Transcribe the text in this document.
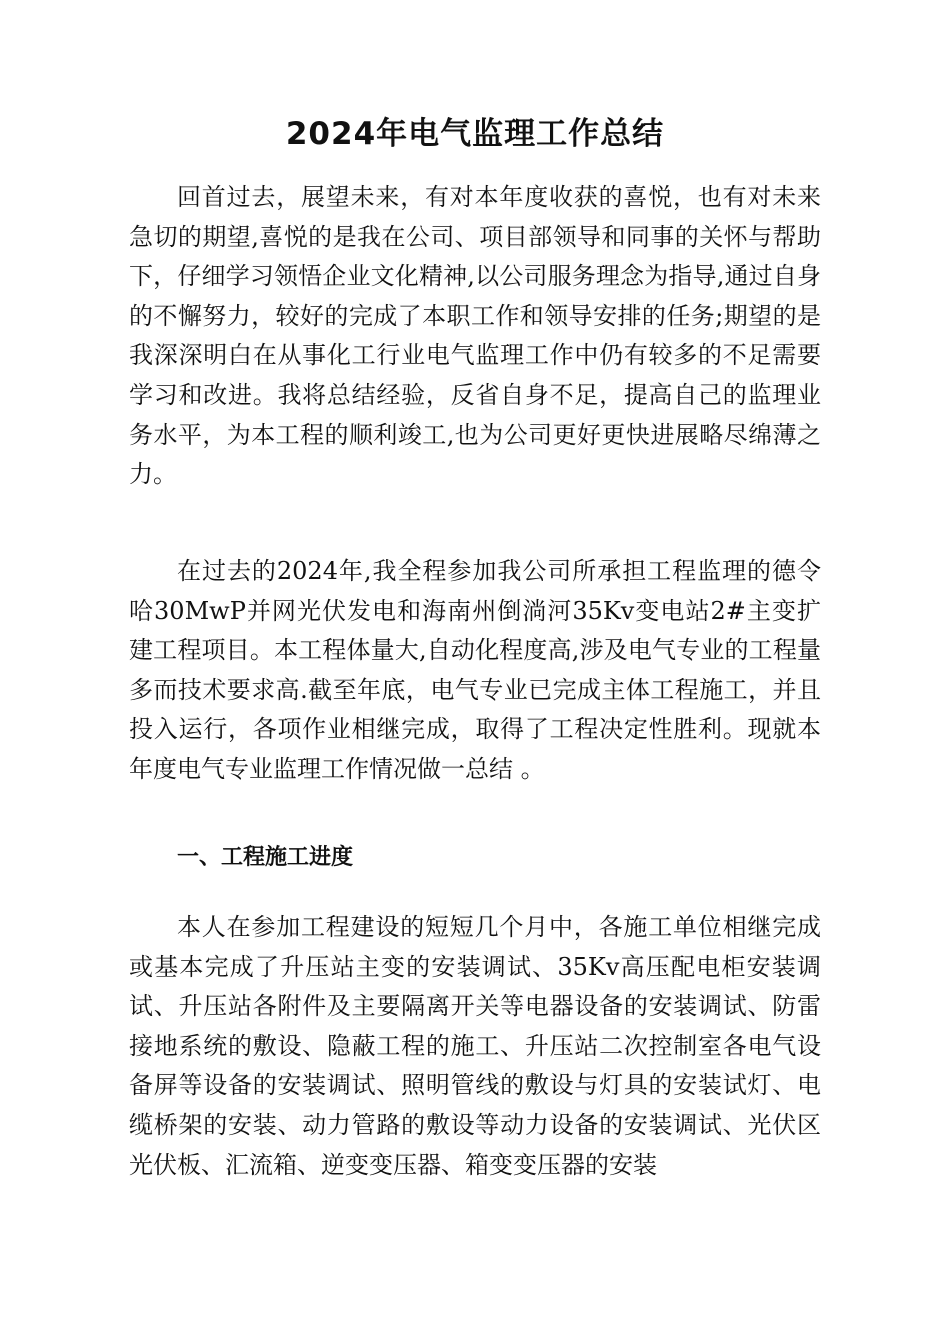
2024年电气监理工作总结

回首过去，展望未来，有对本年度收获的喜悦，也有对未来急切的期望,喜悦的是我在公司、项目部领导和同事的关怀与帮助下，仔细学习领悟企业文化精神,以公司服务理念为指导,通过自身的不懈努力，较好的完成了本职工作和领导安排的任务;期望的是我深深明白在从事化工行业电气监理工作中仍有较多的不足需要学习和改进。我将总结经验，反省自身不足，提高自己的监理业务水平，为本工程的顺利竣工,也为公司更好更快进展略尽绵薄之力。

在过去的2024年,我全程参加我公司所承担工程监理的德令哈30MwP并网光伏发电和海南州倒淌河35Kv变电站2#主变扩建工程项目。本工程体量大,自动化程度高,涉及电气专业的工程量多而技术要求高.截至年底，电气专业已完成主体工程施工，并且投入运行，各项作业相继完成，取得了工程决定性胜利。现就本年度电气专业监理工作情况做一总结 。

一、工程施工进度

本人在参加工程建设的短短几个月中，各施工单位相继完成或基本完成了升压站主变的安装调试、35Kv高压配电柜安装调试、升压站各附件及主要隔离开关等电器设备的安装调试、防雷接地系统的敷设、隐蔽工程的施工、升压站二次控制室各电气设备屏等设备的安装调试、照明管线的敷设与灯具的安装试灯、电缆桥架的安装、动力管路的敷设等动力设备的安装调试、光伏区光伏板、汇流箱、逆变变压器、箱变变压器的安装
